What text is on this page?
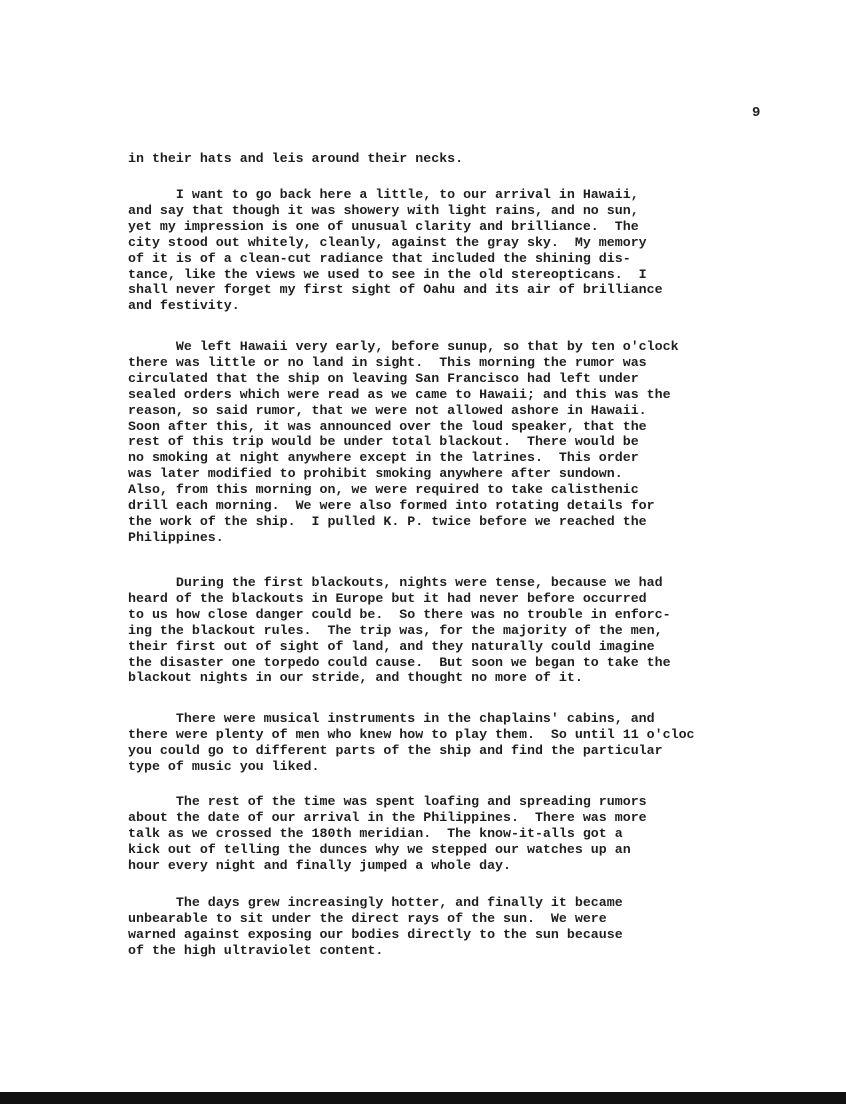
9
in their hats and leis around their necks.
I want to go back here a little, to our arrival in Hawaii,
and say that though it was showery with light rains, and no sun,
yet my impression is one of unusual clarity and brilliance.  The
city stood out whitely, cleanly, against the gray sky.  My memory
of it is of a clean-cut radiance that included the shining dis-
tance, like the views we used to see in the old stereopticans.  I
shall never forget my first sight of Oahu and its air of brilliance
and festivity.
We left Hawaii very early, before sunup, so that by ten o'clock
there was little or no land in sight.  This morning the rumor was
circulated that the ship on leaving San Francisco had left under
sealed orders which were read as we came to Hawaii; and this was the
reason, so said rumor, that we were not allowed ashore in Hawaii.
Soon after this, it was announced over the loud speaker, that the
rest of this trip would be under total blackout.  There would be
no smoking at night anywhere except in the latrines.  This order
was later modified to prohibit smoking anywhere after sundown.
Also, from this morning on, we were required to take calisthenic
drill each morning.  We were also formed into rotating details for
the work of the ship.  I pulled K. P. twice before we reached the
Philippines.
During the first blackouts, nights were tense, because we had
heard of the blackouts in Europe but it had never before occurred
to us how close danger could be.  So there was no trouble in enforc-
ing the blackout rules.  The trip was, for the majority of the men,
their first out of sight of land, and they naturally could imagine
the disaster one torpedo could cause.  But soon we began to take the
blackout nights in our stride, and thought no more of it.
There were musical instruments in the chaplains' cabins, and
there were plenty of men who knew how to play them.  So until 11 o'cloc
you could go to different parts of the ship and find the particular
type of music you liked.
The rest of the time was spent loafing and spreading rumors
about the date of our arrival in the Philippines.  There was more
talk as we crossed the 180th meridian.  The know-it-alls got a
kick out of telling the dunces why we stepped our watches up an
hour every night and finally jumped a whole day.
The days grew increasingly hotter, and finally it became
unbearable to sit under the direct rays of the sun.  We were
warned against exposing our bodies directly to the sun because
of the high ultraviolet content.
